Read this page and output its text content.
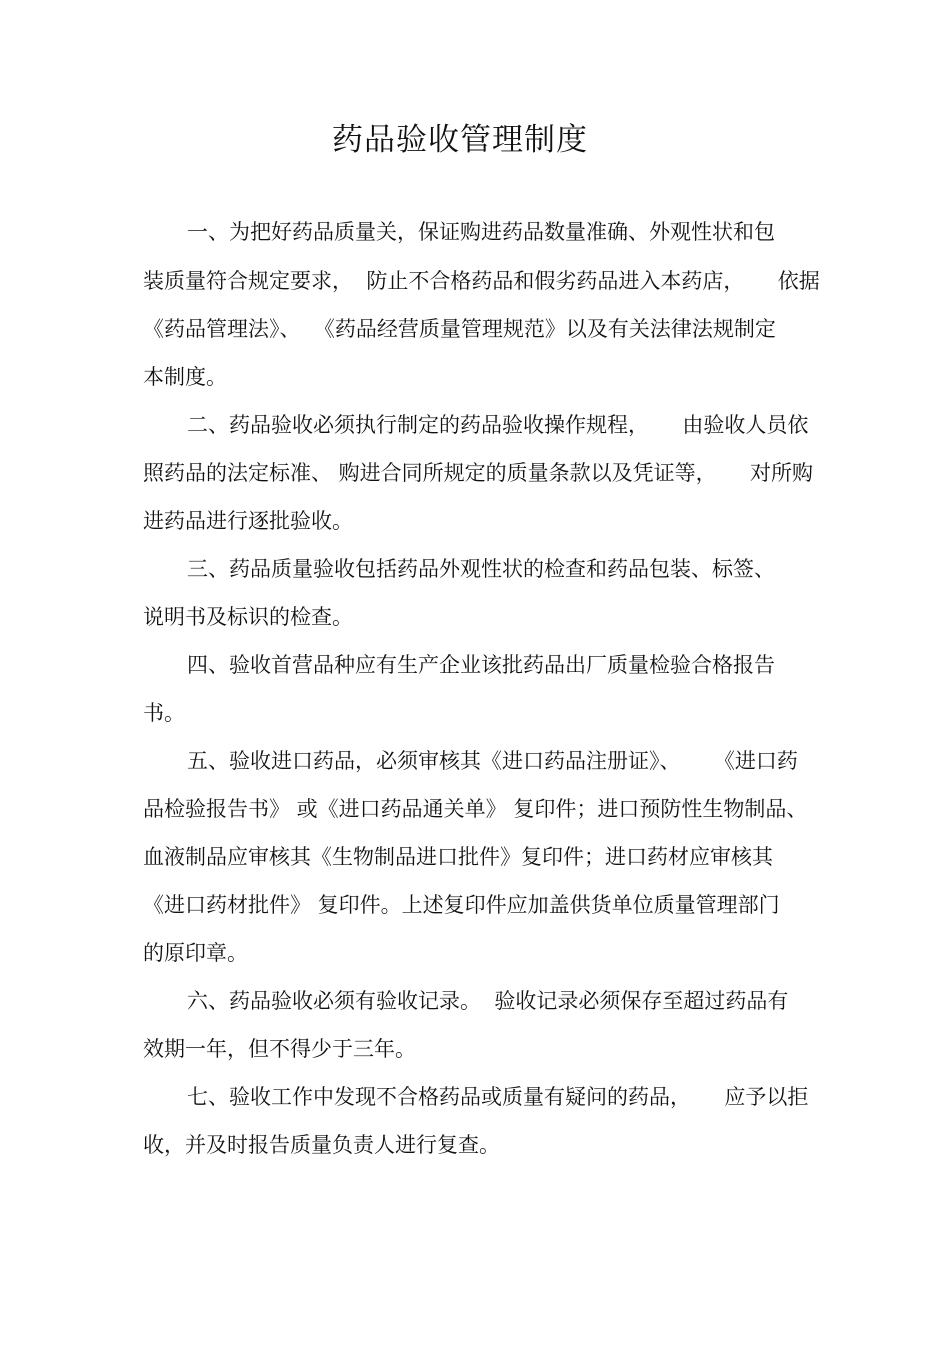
药品验收管理制度

一、为把好药品质量关，保证购进药品数量准确、外观性状和包

装质量符合规定要求，  防止不合格药品和假劣药品进入本药店，     依据

《药品管理法》、  《药品经营质量管理规范》以及有关法律法规制定

本制度。

二、药品验收必须执行制定的药品验收操作规程，     由验收人员依

照药品的法定标准、 购进合同所规定的质量条款以及凭证等，     对所购

进药品进行逐批验收。

三、药品质量验收包括药品外观性状的检查和药品包装、标签、

说明书及标识的检查。

四、验收首营品种应有生产企业该批药品出厂质量检验合格报告

书。

五、验收进口药品，必须审核其《进口药品注册证》、     《进口药

品检验报告书》 或《进口药品通关单》 复印件；进口预防性生物制品、

血液制品应审核其《生物制品进口批件》复印件；进口药材应审核其

《进口药材批件》 复印件。上述复印件应加盖供货单位质量管理部门

的原印章。

六、药品验收必须有验收记录。  验收记录必须保存至超过药品有

效期一年，但不得少于三年。

七、验收工作中发现不合格药品或质量有疑问的药品，     应予以拒

收，并及时报告质量负责人进行复查。
